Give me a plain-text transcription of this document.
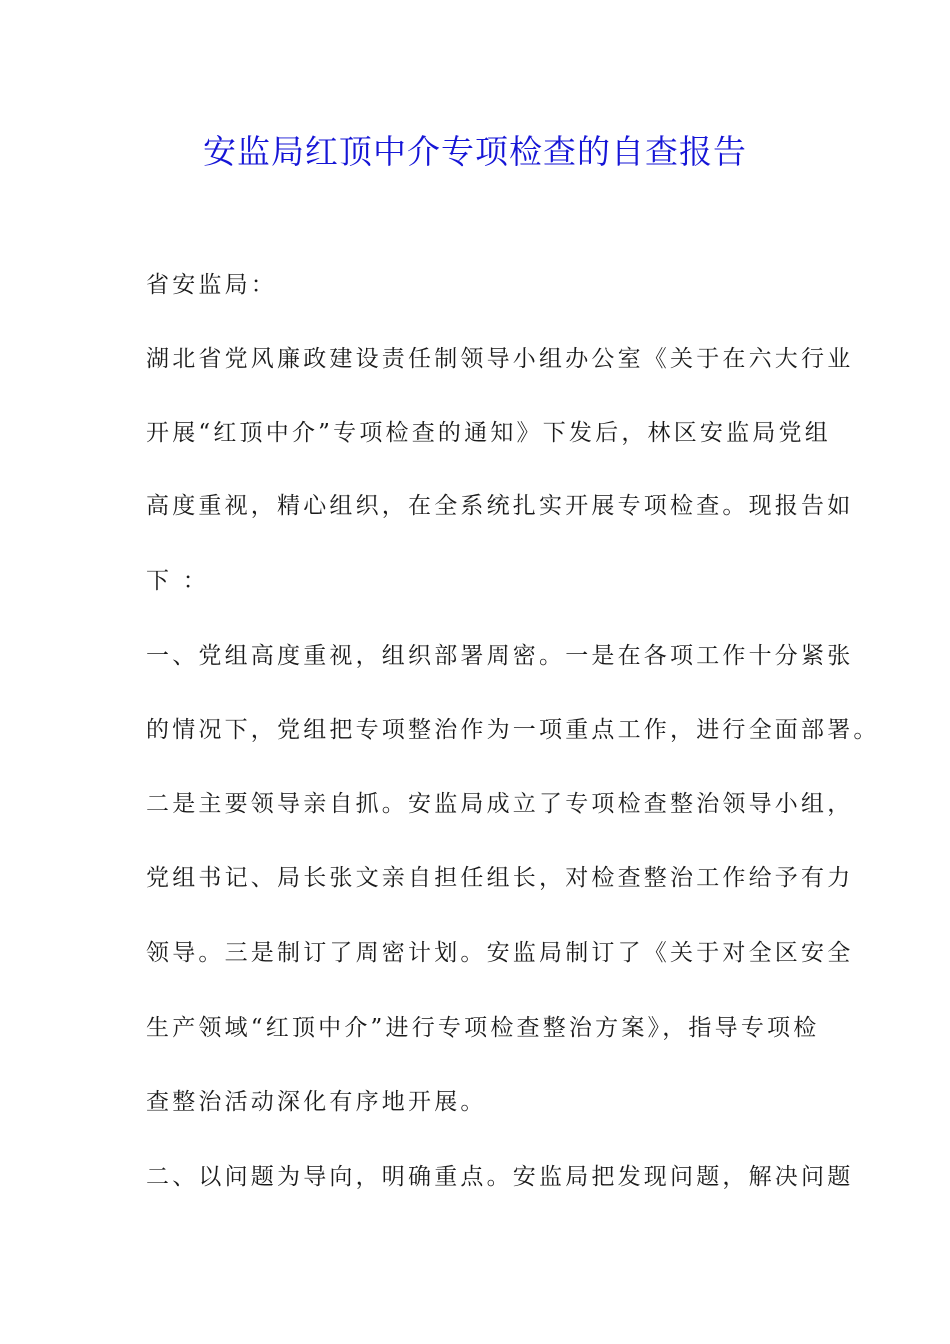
安监局红顶中介专项检查的自查报告

省安监局：

湖北省党风廉政建设责任制领导小组办公室《关于在六大行业

开展“红顶中介”专项检查的通知》下发后，林区安监局党组

高度重视，精心组织，在全系统扎实开展专项检查。现报告如

下 ：

一、党组高度重视，组织部署周密。一是在各项工作十分紧张

的情况下，党组把专项整治作为一项重点工作，进行全面部署。

二是主要领导亲自抓。安监局成立了专项检查整治领导小组，

党组书记、局长张文亲自担任组长，对检查整治工作给予有力

领导。三是制订了周密计划。安监局制订了《关于对全区安全

生产领域“红顶中介”进行专项检查整治方案》，指导专项检

查整治活动深化有序地开展。

二、以问题为导向，明确重点。安监局把发现问题，解决问题
